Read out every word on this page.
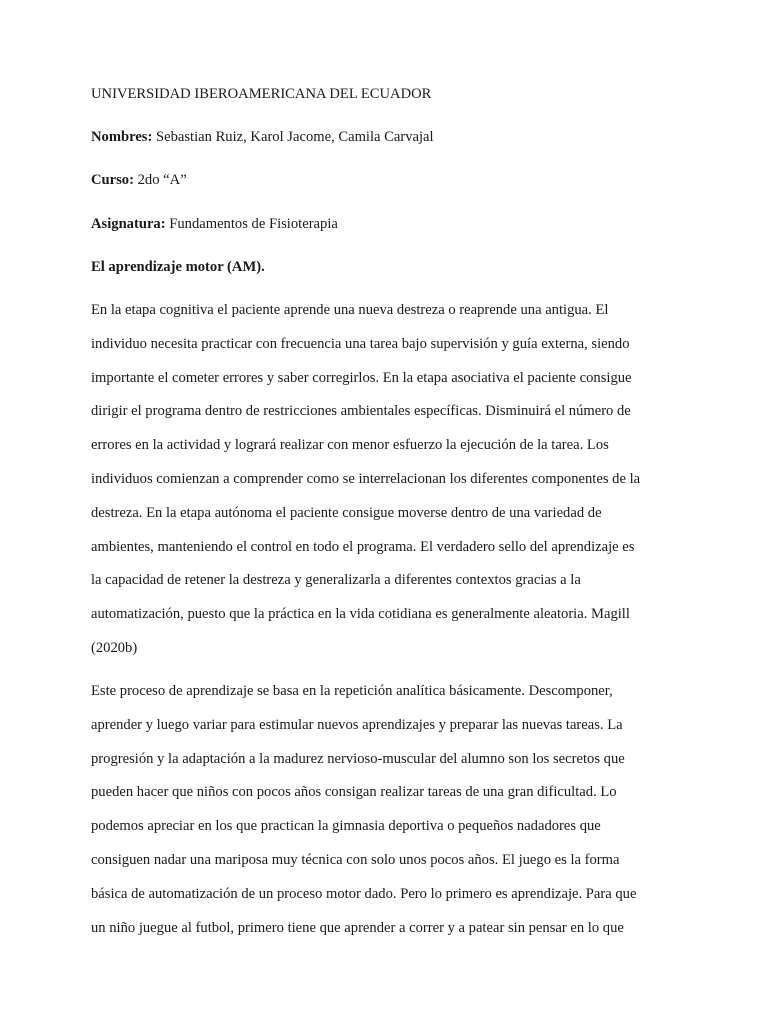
UNIVERSIDAD IBEROAMERICANA DEL ECUADOR
Nombres: Sebastian Ruiz, Karol Jacome, Camila Carvajal
Curso: 2do “A”
Asignatura: Fundamentos de Fisioterapia
El aprendizaje motor (AM).
En la etapa cognitiva el paciente aprende una nueva destreza o reaprende una antigua. El
individuo necesita practicar con frecuencia una tarea bajo supervisión y guía externa, siendo
importante el cometer errores y saber corregirlos. En la etapa asociativa el paciente consigue
dirigir el programa dentro de restricciones ambientales específicas. Disminuirá el número de
errores en la actividad y logrará realizar con menor esfuerzo la ejecución de la tarea. Los
individuos comienzan a comprender como se interrelacionan los diferentes componentes de la
destreza. En la etapa autónoma el paciente consigue moverse dentro de una variedad de
ambientes, manteniendo el control en todo el programa. El verdadero sello del aprendizaje es
la capacidad de retener la destreza y generalizarla a diferentes contextos gracias a la
automatización, puesto que la práctica en la vida cotidiana es generalmente aleatoria. Magill
(2020b)
Este proceso de aprendizaje se basa en la repetición analítica básicamente. Descomponer,
aprender y luego variar para estimular nuevos aprendizajes y preparar las nuevas tareas. La
progresión y la adaptación a la madurez nervioso-muscular del alumno son los secretos que
pueden hacer que niños con pocos años consigan realizar tareas de una gran dificultad. Lo
podemos apreciar en los que practican la gimnasia deportiva o pequeños nadadores que
consiguen nadar una mariposa muy técnica con solo unos pocos años. El juego es la forma
básica de automatización de un proceso motor dado. Pero lo primero es aprendizaje. Para que
un niño juegue al futbol, primero tiene que aprender a correr y a patear sin pensar en lo que
